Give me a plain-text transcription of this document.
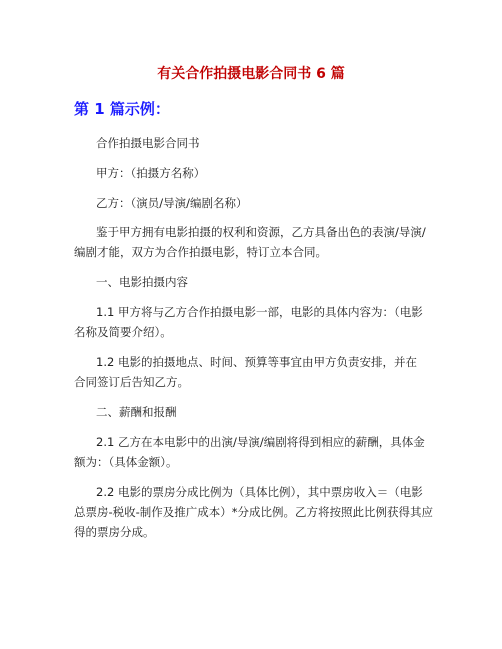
有关合作拍摄电影合同书 6 篇
第 1 篇示例：

合作拍摄电影合同书

甲方：（拍摄方名称）

乙方：（演员/导演/编剧名称）

鉴于甲方拥有电影拍摄的权利和资源，乙方具备出色的表演/导演/编剧才能，双方为合作拍摄电影，特订立本合同。

一、电影拍摄内容

1.1 甲方将与乙方合作拍摄电影一部，电影的具体内容为：（电影名称及简要介绍）。

1.2 电影的拍摄地点、时间、预算等事宜由甲方负责安排，并在
合同签订后告知乙方。

二、薪酬和报酬

2.1 乙方在本电影中的出演/导演/编剧将得到相应的薪酬，具体金额为：（具体金额）。

2.2 电影的票房分成比例为（具体比例），其中票房收入＝（电影总票房-税收-制作及推广成本）*分成比例。乙方将按照此比例获得其应得的票房分成。
